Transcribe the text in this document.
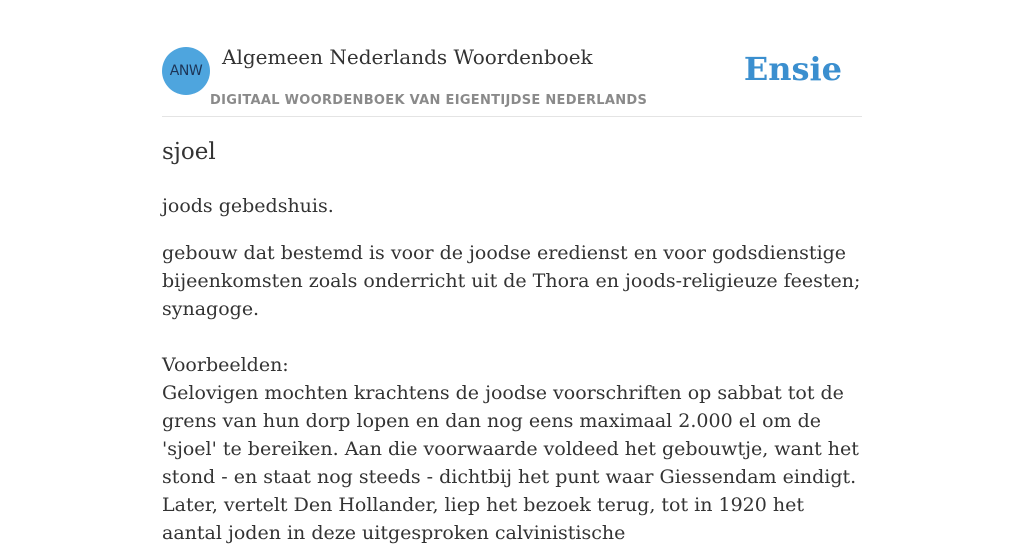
ANW
Algemeen Nederlands Woordenboek
DIGITAAL WOORDENBOEK VAN EIGENTIJDSE NEDERLANDS
Ensie
sjoel

joods gebedshuis.

gebouw dat bestemd is voor de joodse eredienst en voor godsdienstige bijeenkomsten zoals onderricht uit de Thora en joods-religieuze feesten; synagoge.

Voorbeelden:

Gelovigen mochten krachtens de joodse voorschriften op sabbat tot de grens van hun dorp lopen en dan nog eens maximaal 2.000 el om de 'sjoel' te bereiken. Aan die voorwaarde voldeed het gebouwtje, want het stond - en staat nog steeds - dichtbij het punt waar Giessendam eindigt. Later, vertelt Den Hollander, liep het bezoek terug, tot in 1920 het aantal joden in deze uitgesproken calvinistische
